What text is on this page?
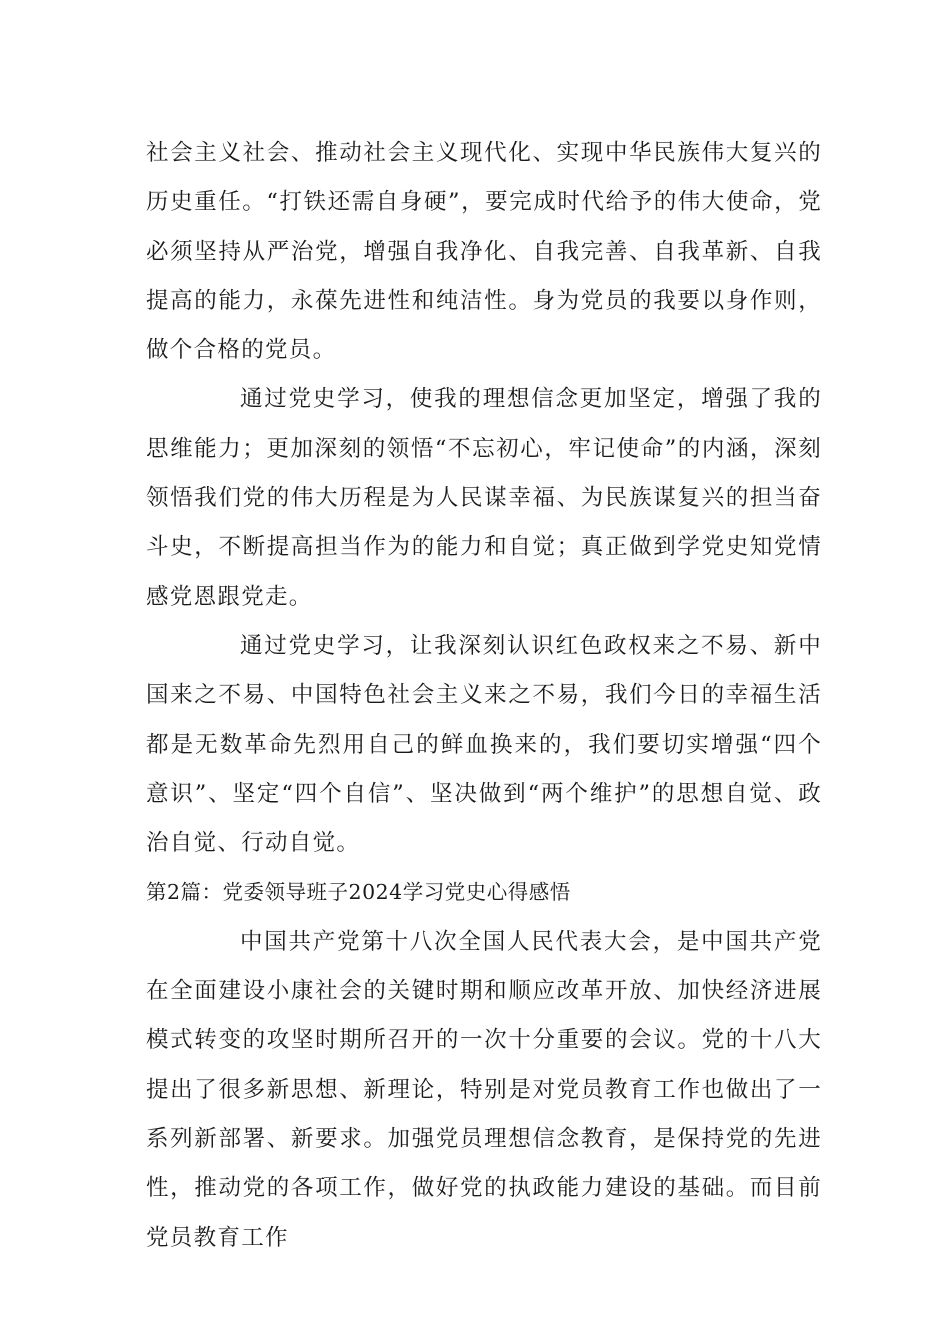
社会主义社会、推动社会主义现代化、实现中华民族伟大复兴的历史重任。“打铁还需自身硬”，要完成时代给予的伟大使命，党必须坚持从严治党，增强自我净化、自我完善、自我革新、自我提高的能力，永葆先进性和纯洁性。身为党员的我要以身作则，做个合格的党员。

通过党史学习，使我的理想信念更加坚定，增强了我的思维能力；更加深刻的领悟“不忘初心，牢记使命”的内涵，深刻领悟我们党的伟大历程是为人民谋幸福、为民族谋复兴的担当奋斗史，不断提高担当作为的能力和自觉；真正做到学党史知党情感党恩跟党走。

通过党史学习，让我深刻认识红色政权来之不易、新中国来之不易、中国特色社会主义来之不易，我们今日的幸福生活都是无数革命先烈用自己的鲜血换来的，我们要切实增强“四个意识”、坚定“四个自信”、坚决做到“两个维护”的思想自觉、政治自觉、行动自觉。

第2篇：党委领导班子2024学习党史心得感悟

中国共产党第十八次全国人民代表大会，是中国共产党在全面建设小康社会的关键时期和顺应改革开放、加快经济进展模式转变的攻坚时期所召开的一次十分重要的会议。党的十八大提出了很多新思想、新理论，特别是对党员教育工作也做出了一系列新部署、新要求。加强党员理想信念教育，是保持党的先进性，推动党的各项工作，做好党的执政能力建设的基础。而目前党员教育工作
